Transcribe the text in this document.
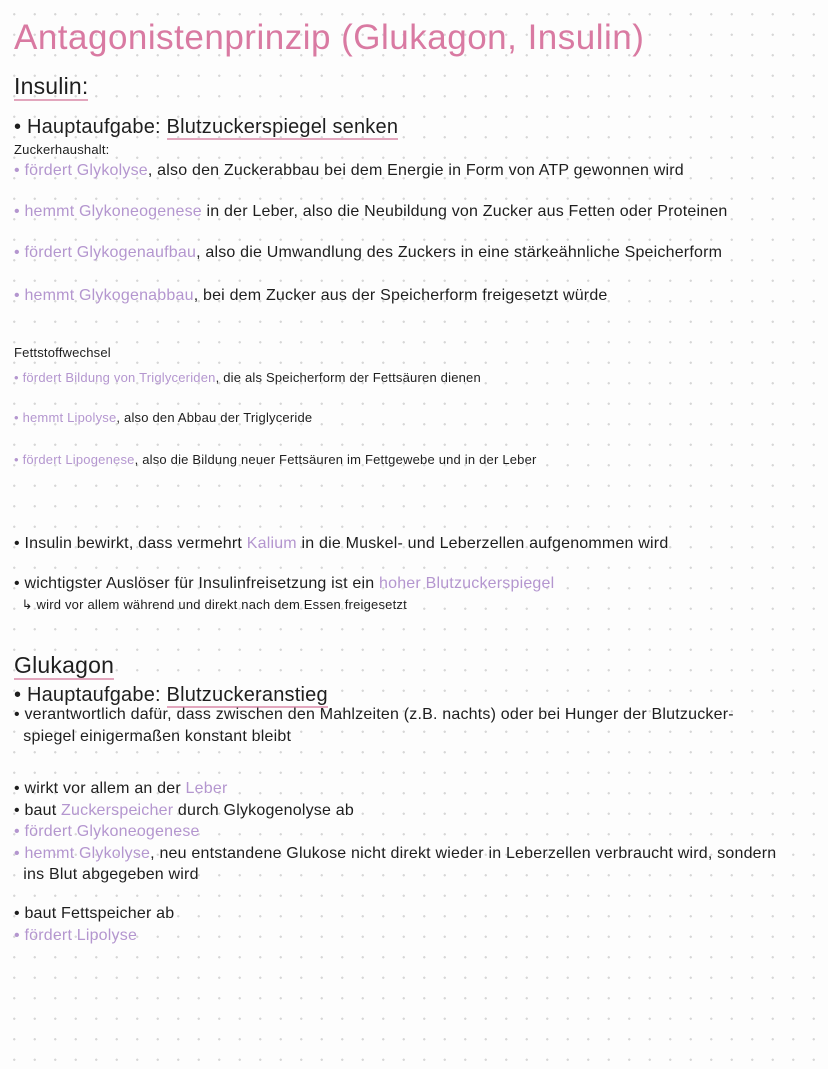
Antagonistenprinzip (Glukagon, Insulin)
Insulin:
• Hauptaufgabe: Blutzuckerspiegel senken
Zuckerhaushalt:
• fördert Glykolyse, also den Zuckerabbau bei dem Energie in Form von ATP gewonnen wird
• hemmt Glykoneogenese in der Leber, also die Neubildung von Zucker aus Fetten oder Proteinen
• fördert Glykogenaufbau, also die Umwandlung des Zuckers in eine stärkeähnliche Speicherform
• hemmt Glykogenabbau, bei dem Zucker aus der Speicherform freigesetzt würde
Fettstoffwechsel
• fördert Bildung von Triglyceriden, die als Speicherform der Fettsäuren dienen
• hemmt Lipolyse, also den Abbau der Triglyceride
• fördert Lipogenese, also die Bildung neuer Fettsäuren im Fettgewebe und in der Leber
• Insulin bewirkt, dass vermehrt Kalium in die Muskel- und Leberzellen aufgenommen wird
• wichtigster Auslöser für Insulinfreisetzung ist ein hoher Blutzuckerspiegel
↳ wird vor allem während und direkt nach dem Essen freigesetzt
Glukagon
• Hauptaufgabe: Blutzuckeranstieg
• verantwortlich dafür, dass zwischen den Mahlzeiten (z.B. nachts) oder bei Hunger der Blutzucker-
spiegel einigermaßen konstant bleibt
• wirkt vor allem an der Leber
• baut Zuckerspeicher durch Glykogenolyse ab
• fördert Glykoneogenese
• hemmt Glykolyse, neu entstandene Glukose nicht direkt wieder in Leberzellen verbraucht wird, sondern
ins Blut abgegeben wird
• baut Fettspeicher ab
• fördert Lipolyse
